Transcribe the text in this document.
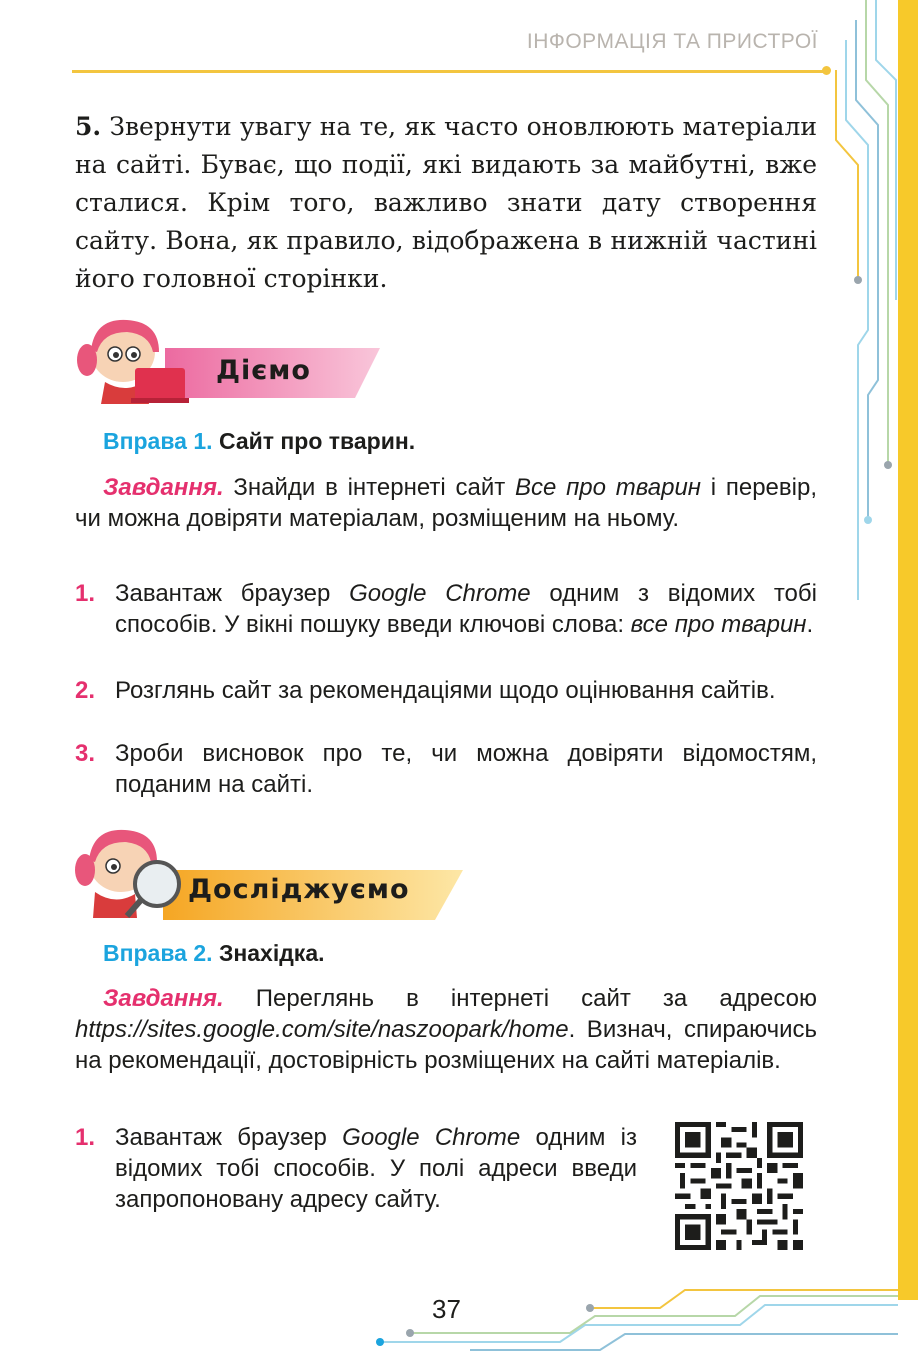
ІНФОРМАЦІЯ ТА ПРИСТРОЇ
5. Звернути увагу на те, як часто оновлюють матеріали на сайті. Буває, що події, які видають за майбутні, вже сталися. Крім того, важливо знати дату створення сайту. Вона, як правило, відображена в нижній частині його головної сторінки.
Діємо
Вправа 1. Сайт про тварин.
Завдання. Знайди в інтернеті сайт Все про тварин і перевір, чи можна довіряти матеріалам, розміщеним на ньому.
1. Завантаж браузер Google Chrome одним з відомих тобі способів. У вікні пошуку введи ключові слова: все про тварин.
2. Розглянь сайт за рекомендаціями щодо оцінювання сайтів.
3. Зроби висновок про те, чи можна довіряти відомостям, поданим на сайті.
Досліджуємо
Вправа 2. Знахідка.
Завдання. Переглянь в інтернеті сайт за адресою https://sites.google.com/site/naszoopark/home. Визнач, спираючись на рекомендації, достовірність розміщених на сайті матеріалів.
1. Завантаж браузер Google Chrome одним із відомих тобі способів. У полі адреси введи запропоновану адресу сайту.
37
